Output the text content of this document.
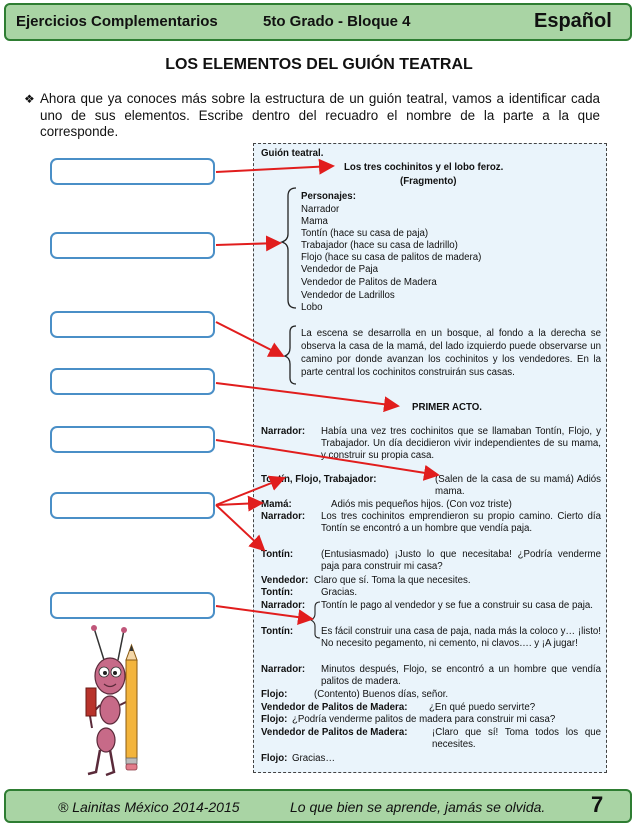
Ejercicios Complementarios	5to Grado - Bloque 4	Español
LOS ELEMENTOS DEL GUIÓN TEATRAL
❖ Ahora que ya conoces más sobre la estructura de un guión teatral, vamos a identificar cada uno de sus elementos. Escribe dentro del recuadro el nombre de la parte a la que corresponde.
Guión teatral.
Los tres cochinitos y el lobo feroz.
(Fragmento)
Personajes:
Narrador
Mama
Tontín (hace su casa de paja)
Trabajador (hace su casa de ladrillo)
Flojo (hace su casa de palitos de madera)
Vendedor de Paja
Vendedor de Palitos de Madera
Vendedor de Ladrillos
Lobo
La escena se desarrolla en un bosque, al fondo a la derecha se observa la casa de la mamá, del lado izquierdo puede observarse un camino por donde avanzan los cochinitos y los vendedores. En la parte central los cochinitos construirán sus casas.
PRIMER ACTO.
Narrador: Había una vez tres cochinitos que se llamaban Tontín, Flojo, y Trabajador. Un día decidieron vivir independientes de su mama, y construir su propia casa.
Tontín, Flojo, Trabajador:	(Salen de la casa de su mamá) Adiós mama.
Mamá:	Adiós mis pequeños hijos. (Con voz triste)
Narrador: Los tres cochinitos emprendieron su propio camino. Cierto día Tontín se encontró a un hombre que vendía paja.
Tontín:	(Entusiasmado) ¡Justo lo que necesitaba! ¿Podría venderme paja para construir mi casa?
Vendedor: Claro que sí. Toma la que necesites.
Tontín:	Gracias.
Narrador: Tontín le pago al vendedor y se fue a construir su casa de paja.
Tontín:	Es fácil construir una casa de paja, nada más la coloco y… ¡listo! No necesito pegamento, ni cemento, ni clavos…. y ¡A jugar!
Narrador: Minutos después, Flojo, se encontró a un hombre que vendía palitos de madera.
Flojo:	(Contento) Buenos días, señor.
Vendedor de Palitos de Madera: ¿En qué puedo servirte?
Flojo: ¿Podría venderme palitos de madera para construir mi casa?
Vendedor de Palitos de Madera:	¡Claro que sí! Toma todos los que necesites.
Flojo: Gracias…
® Lainitas México 2014-2015	Lo que bien se aprende, jamás se olvida. 7
